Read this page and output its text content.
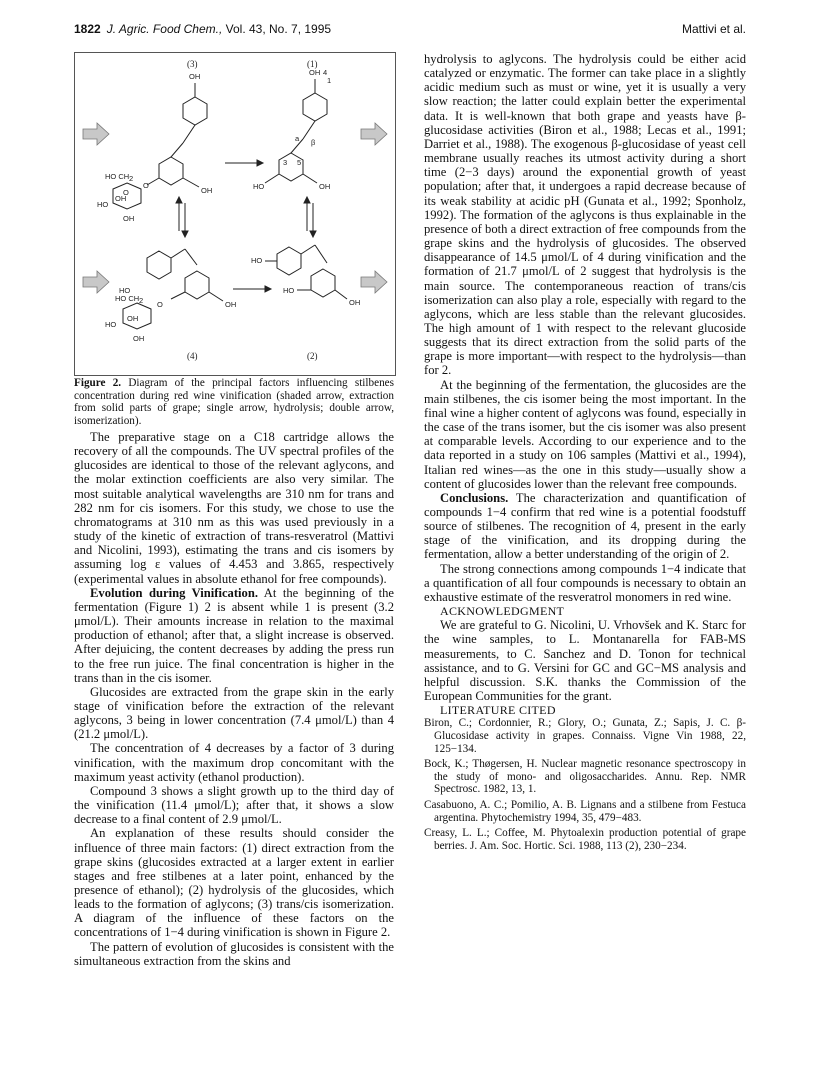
1822 J. Agric. Food Chem., Vol. 43, No. 7, 1995	Mattivi et al.
(3)	(1)
(4)	(2)
OH	OH 4
1
a β
3 5
OH	OH
HO
HO CH 2
O
O
OH
HO
OH
HO
HO
HO CH 2 O	OH
HO
OH
OH
HO
OH
Figure 2. Diagram of the principal factors influencing stilbenes concentration during red wine vinification (shaded arrow, extraction from solid parts of grape; single arrow, hydrolysis; double arrow, isomerization).

The preparative stage on a C18 cartridge allows the recovery of all the compounds. The UV spectral profiles of the glucosides are identical to those of the relevant aglycons, and the molar extinction coefficients are also very similar. The most suitable analytical wavelengths are 310 nm for trans and 282 nm for cis isomers. For this study, we chose to use the chromatograms at 310 nm as this was used previously in a study of the kinetic of extraction of trans-resveratrol (Mattivi and Nicolini, 1993), estimating the trans and cis isomers by assuming log ε values of 4.453 and 3.865, respectively (experimental values in absolute ethanol for free compounds).

Evolution during Vinification. At the beginning of the fermentation (Figure 1) 2 is absent while 1 is present (3.2 μmol/L). Their amounts increase in relation to the maximal production of ethanol; after that, a slight increase is observed. After dejuicing, the content decreases by adding the press run to the free run juice. The final concentration is higher in the trans than in the cis isomer.

Glucosides are extracted from the grape skin in the early stage of vinification before the extraction of the relevant aglycons, 3 being in lower concentration (7.4 μmol/L) than 4 (21.2 μmol/L).

The concentration of 4 decreases by a factor of 3 during vinification, with the maximum drop concomitant with the maximum yeast activity (ethanol production).

Compound 3 shows a slight growth up to the third day of the vinification (11.4 μmol/L); after that, it shows a slow decrease to a final content of 2.9 μmol/L.

An explanation of these results should consider the influence of three main factors: (1) direct extraction from the grape skins (glucosides extracted at a larger extent in earlier stages and free stilbenes at a later point, enhanced by the presence of ethanol); (2) hydrolysis of the glucosides, which leads to the formation of aglycons; (3) trans/cis isomerization. A diagram of the influence of these factors on the concentrations of 1−4 during vinification is shown in Figure 2.

The pattern of evolution of glucosides is consistent with the simultaneous extraction from the skins and

hydrolysis to aglycons. The hydrolysis could be either acid catalyzed or enzymatic. The former can take place in a slightly acidic medium such as must or wine, yet it is usually a very slow reaction; the latter could explain better the experimental data. It is well-known that both grape and yeasts have β-glucosidase activities (Biron et al., 1988; Lecas et al., 1991; Darriet et al., 1988). The exogenous β-glucosidase of yeast cell membrane usually reaches its utmost activity during a short time (2−3 days) around the exponential growth of yeast population; after that, it undergoes a rapid decrease because of its weak stability at acidic pH (Gunata et al., 1992; Sponholz, 1992). The formation of the aglycons is thus explainable in the presence of both a direct extraction of free compounds from the grape skins and the hydrolysis of glucosides. The observed disappearance of 14.5 μmol/L of 4 during vinification and the formation of 21.7 μmol/L of 2 suggest that hydrolysis is the main source. The contemporaneous reaction of trans/cis isomerization can also play a role, especially with regard to the aglycons, which are less stable than the relevant glucosides. The high amount of 1 with respect to the relevant glucoside suggests that its direct extraction from the solid parts of the grape is more important—with respect to the hydrolysis—than for 2.

At the beginning of the fermentation, the glucosides are the main stilbenes, the cis isomer being the most important. In the final wine a higher content of aglycons was found, especially in the case of the trans isomer, but the cis isomer was also present at comparable levels. According to our experience and to the data reported in a study on 106 samples (Mattivi et al., 1994), Italian red wines—as the one in this study—usually show a content of glucosides lower than the relevant free compounds.

Conclusions. The characterization and quantification of compounds 1−4 confirm that red wine is a potential foodstuff source of stilbenes. The recognition of 4, present in the early stage of the vinification, and its dropping during the fermentation, allow a better understanding of the origin of 2.

The strong connections among compounds 1−4 indicate that a quantification of all four compounds is necessary to obtain an exhaustive estimate of the resveratrol monomers in red wine.

ACKNOWLEDGMENT

We are grateful to G. Nicolini, U. Vrhovšek and K. Starc for the wine samples, to L. Montanarella for FAB-MS measurements, to C. Sanchez and D. Tonon for technical assistance, and to G. Versini for GC and GC−MS analysis and helpful discussion. S.K. thanks the Commission of the European Communities for the grant.

LITERATURE CITED

Biron, C.; Cordonnier, R.; Glory, O.; Gunata, Z.; Sapis, J. C. β-Glucosidase activity in grapes. Connaiss. Vigne Vin 1988, 22, 125−134.

Bock, K.; Thøgersen, H. Nuclear magnetic resonance spectroscopy in the study of mono- and oligosaccharides. Annu. Rep. NMR Spectrosc. 1982, 13, 1.

Casabuono, A. C.; Pomilio, A. B. Lignans and a stilbene from Festuca argentina. Phytochemistry 1994, 35, 479−483.

Creasy, L. L.; Coffee, M. Phytoalexin production potential of grape berries. J. Am. Soc. Hortic. Sci. 1988, 113 (2), 230−234.
